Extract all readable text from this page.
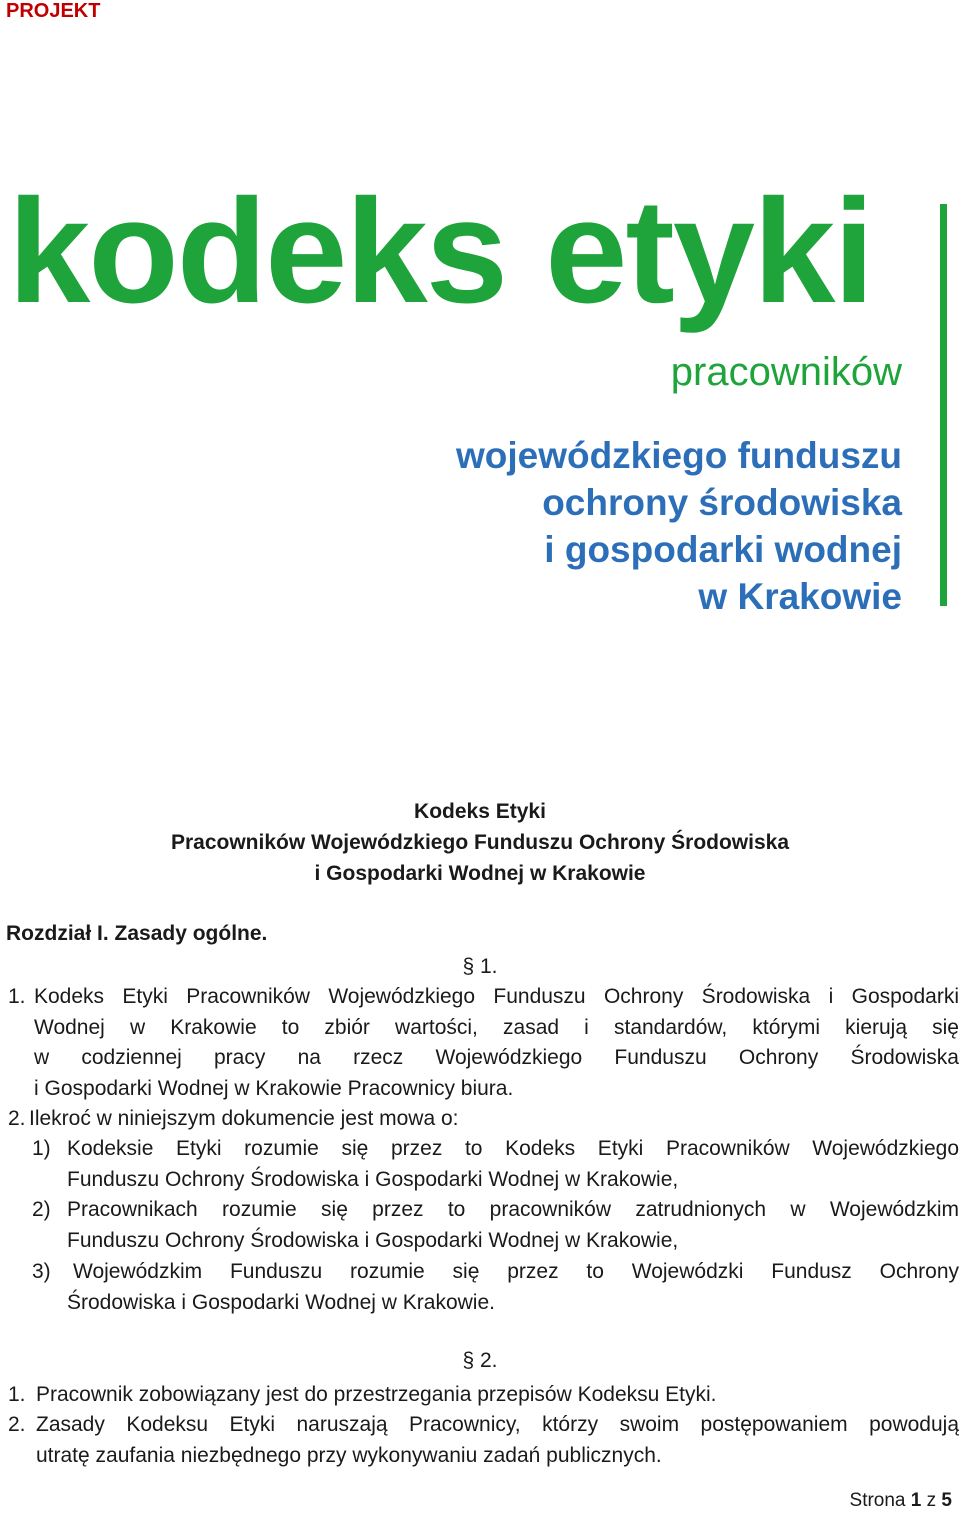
PROJEKT
kodeks etyki
pracowników
wojewódzkiego funduszu
ochrony środowiska
i gospodarki wodnej
w Krakowie
Kodeks Etyki
Pracowników Wojewódzkiego Funduszu Ochrony Środowiska
i Gospodarki Wodnej w Krakowie
Rozdział I. Zasady ogólne.
§ 1.
1. Kodeks Etyki Pracowników Wojewódzkiego Funduszu Ochrony Środowiska i Gospodarki
Wodnej w Krakowie to zbiór wartości, zasad i standardów, którymi kierują się
w codziennej pracy na rzecz Wojewódzkiego Funduszu Ochrony Środowiska
i Gospodarki Wodnej w Krakowie Pracownicy biura.
2. Ilekroć w niniejszym dokumencie jest mowa o:
1) Kodeksie Etyki rozumie się przez to Kodeks Etyki Pracowników Wojewódzkiego
Funduszu Ochrony Środowiska i Gospodarki Wodnej w Krakowie,
2) Pracownikach rozumie się przez to pracowników zatrudnionych w Wojewódzkim
Funduszu Ochrony Środowiska i Gospodarki Wodnej w Krakowie,
3) Wojewódzkim Funduszu rozumie się przez to Wojewódzki Fundusz Ochrony
Środowiska i Gospodarki Wodnej w Krakowie.
§ 2.
1. Pracownik zobowiązany jest do przestrzegania przepisów Kodeksu Etyki.
2. Zasady Kodeksu Etyki naruszają Pracownicy, którzy swoim postępowaniem powodują
utratę zaufania niezbędnego przy wykonywaniu zadań publicznych.
Strona 1 z 5
